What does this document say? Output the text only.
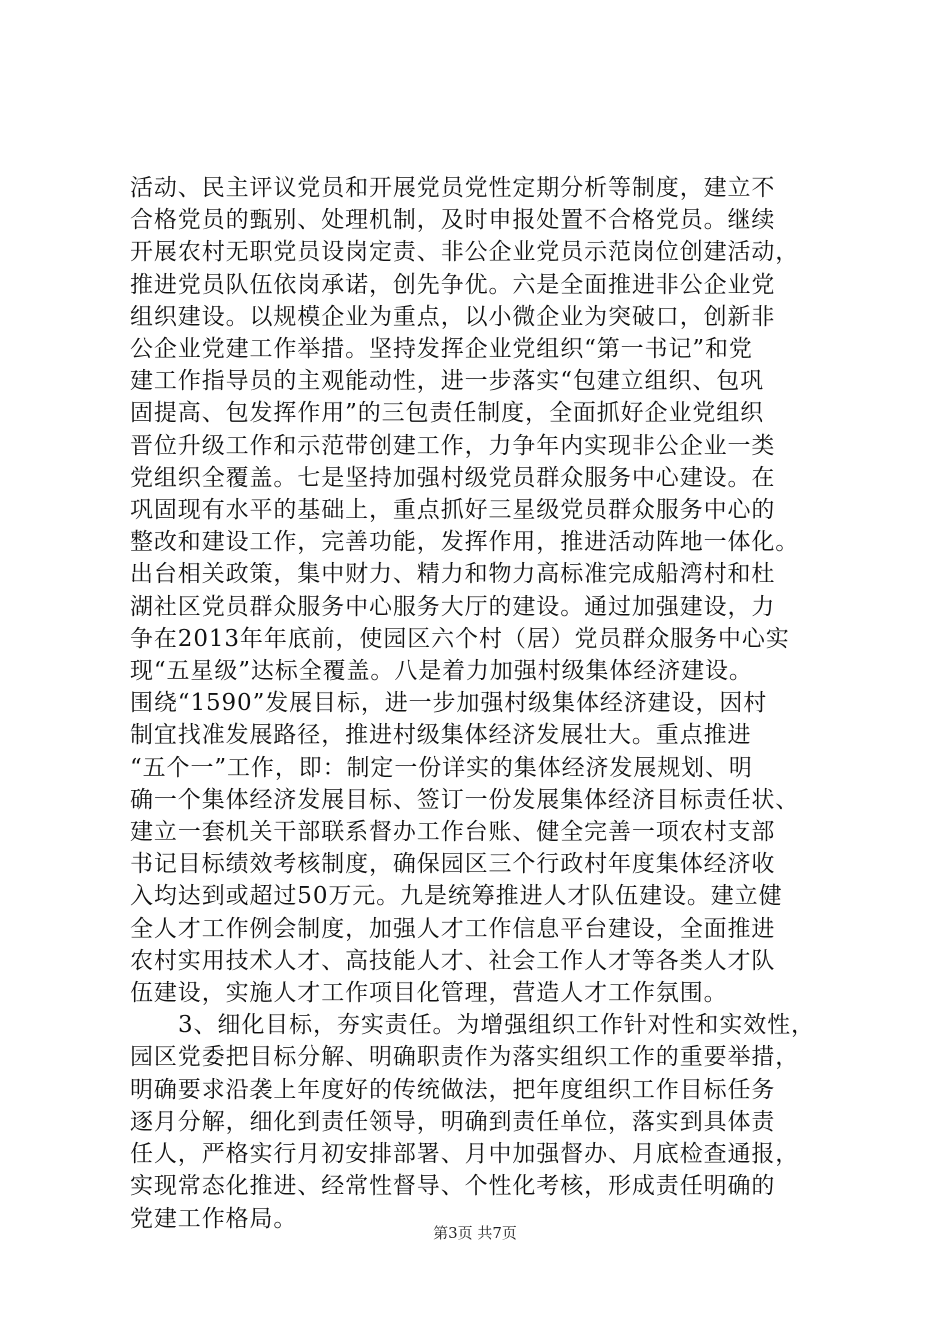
活动、民主评议党员和开展党员党性定期分析等制度，建立不
合格党员的甄别、处理机制，及时申报处置不合格党员。继续
开展农村无职党员设岗定责、非公企业党员示范岗位创建活动，
推进党员队伍依岗承诺，创先争优。六是全面推进非公企业党
组织建设。以规模企业为重点，以小微企业为突破口，创新非
公企业党建工作举措。坚持发挥企业党组织“第一书记”和党
建工作指导员的主观能动性，进一步落实“包建立组织、包巩
固提高、包发挥作用”的三包责任制度，全面抓好企业党组织
晋位升级工作和示范带创建工作，力争年内实现非公企业一类
党组织全覆盖。七是坚持加强村级党员群众服务中心建设。在
巩固现有水平的基础上，重点抓好三星级党员群众服务中心的
整改和建设工作，完善功能，发挥作用，推进活动阵地一体化。
出台相关政策，集中财力、精力和物力高标准完成船湾村和杜
湖社区党员群众服务中心服务大厅的建设。通过加强建设，力
争在2013年年底前，使园区六个村（居）党员群众服务中心实
现“五星级”达标全覆盖。八是着力加强村级集体经济建设。
围绕“1590”发展目标，进一步加强村级集体经济建设，因村
制宜找准发展路径，推进村级集体经济发展壮大。重点推进
“五个一”工作，即：制定一份详实的集体经济发展规划、明
确一个集体经济发展目标、签订一份发展集体经济目标责任状、
建立一套机关干部联系督办工作台账、健全完善一项农村支部
书记目标绩效考核制度，确保园区三个行政村年度集体经济收
入均达到或超过50万元。九是统筹推进人才队伍建设。建立健
全人才工作例会制度，加强人才工作信息平台建设，全面推进
农村实用技术人才、高技能人才、社会工作人才等各类人才队
伍建设，实施人才工作项目化管理，营造人才工作氛围。
3、细化目标，夯实责任。为增强组织工作针对性和实效性，
园区党委把目标分解、明确职责作为落实组织工作的重要举措，
明确要求沿袭上年度好的传统做法，把年度组织工作目标任务
逐月分解，细化到责任领导，明确到责任单位，落实到具体责
任人，严格实行月初安排部署、月中加强督办、月底检查通报，
实现常态化推进、经常性督导、个性化考核，形成责任明确的
党建工作格局。
第3页 共7页
